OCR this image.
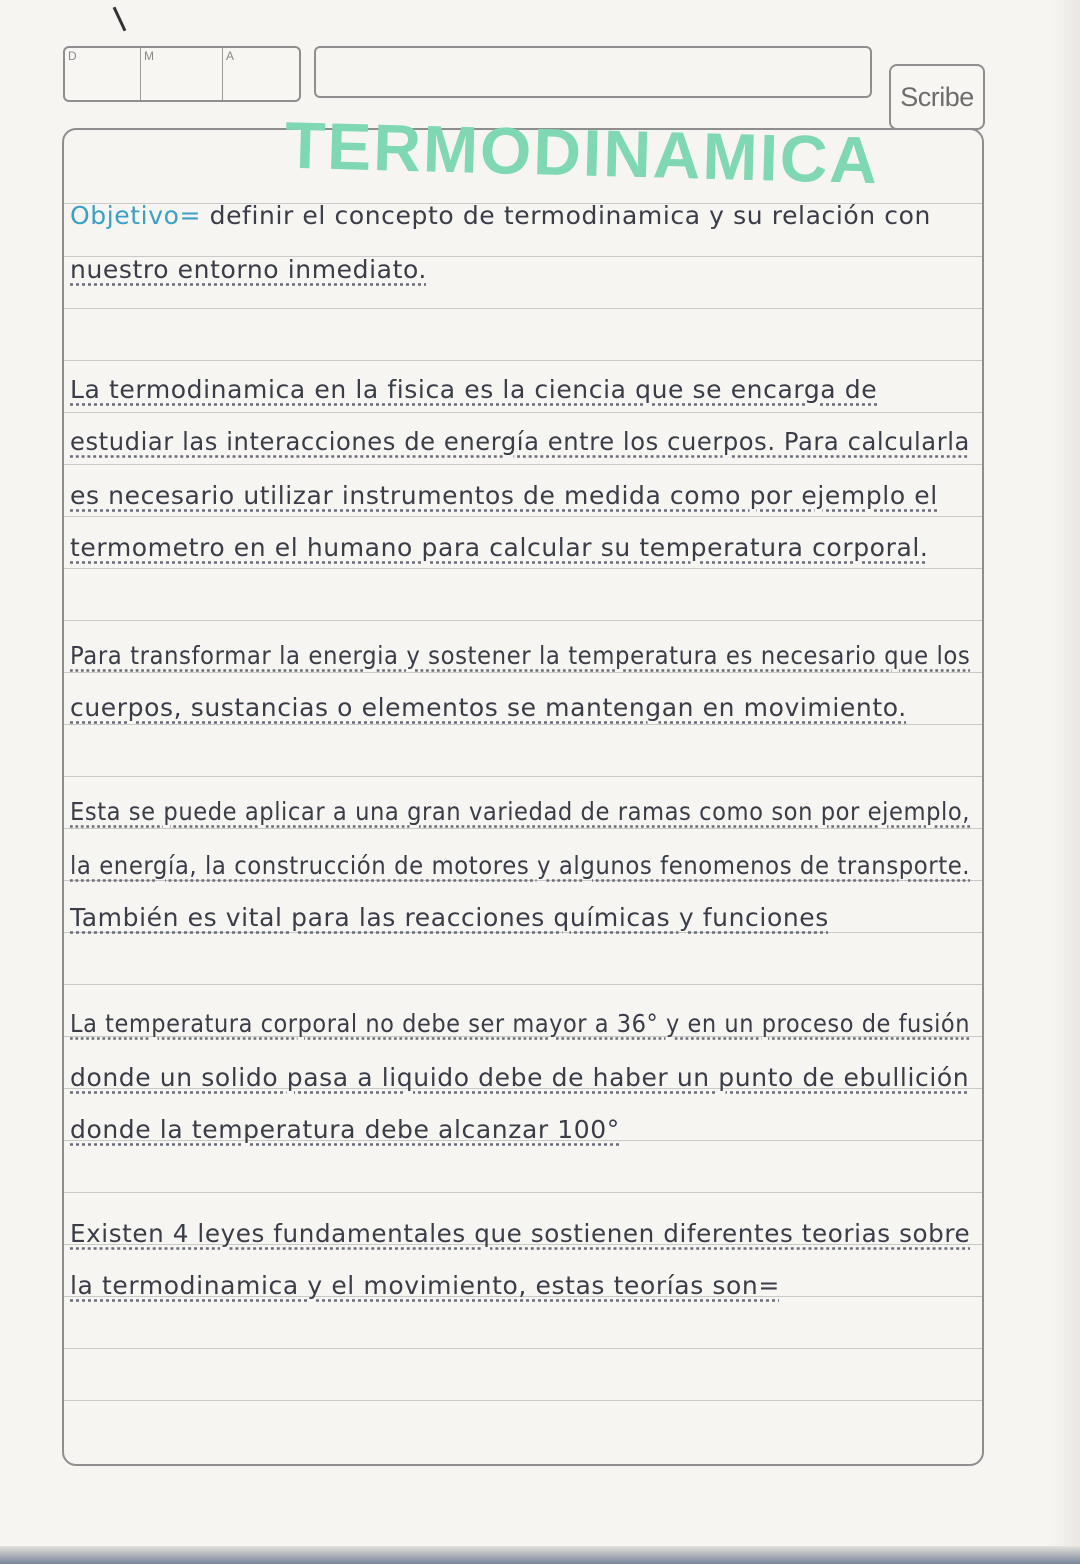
D	M	A
Scribe
TERMODINAMICA
Objetivo= definir el concepto de termodinamica y su relación con
nuestro entorno inmediato.
La termodinamica en la fisica es la ciencia que se encarga de
estudiar las interacciones de energía entre los cuerpos. Para calcularla
es necesario utilizar instrumentos de medida como por ejemplo el
termometro en el humano para calcular su temperatura corporal.
Para transformar la energia y sostener la temperatura es necesario que los
cuerpos, sustancias o elementos se mantengan en movimiento.
Esta se puede aplicar a una gran variedad de ramas como son por ejemplo,
la energía, la construcción de motores y algunos fenomenos de transporte.
También es vital para las reacciones químicas y funciones
La temperatura corporal no debe ser mayor a 36° y en un proceso de fusión
donde un solido pasa a liquido debe de haber un punto de ebullición
donde la temperatura debe alcanzar 100°
Existen 4 leyes fundamentales que sostienen diferentes teorias sobre
la termodinamica y el movimiento, estas teorías son=
